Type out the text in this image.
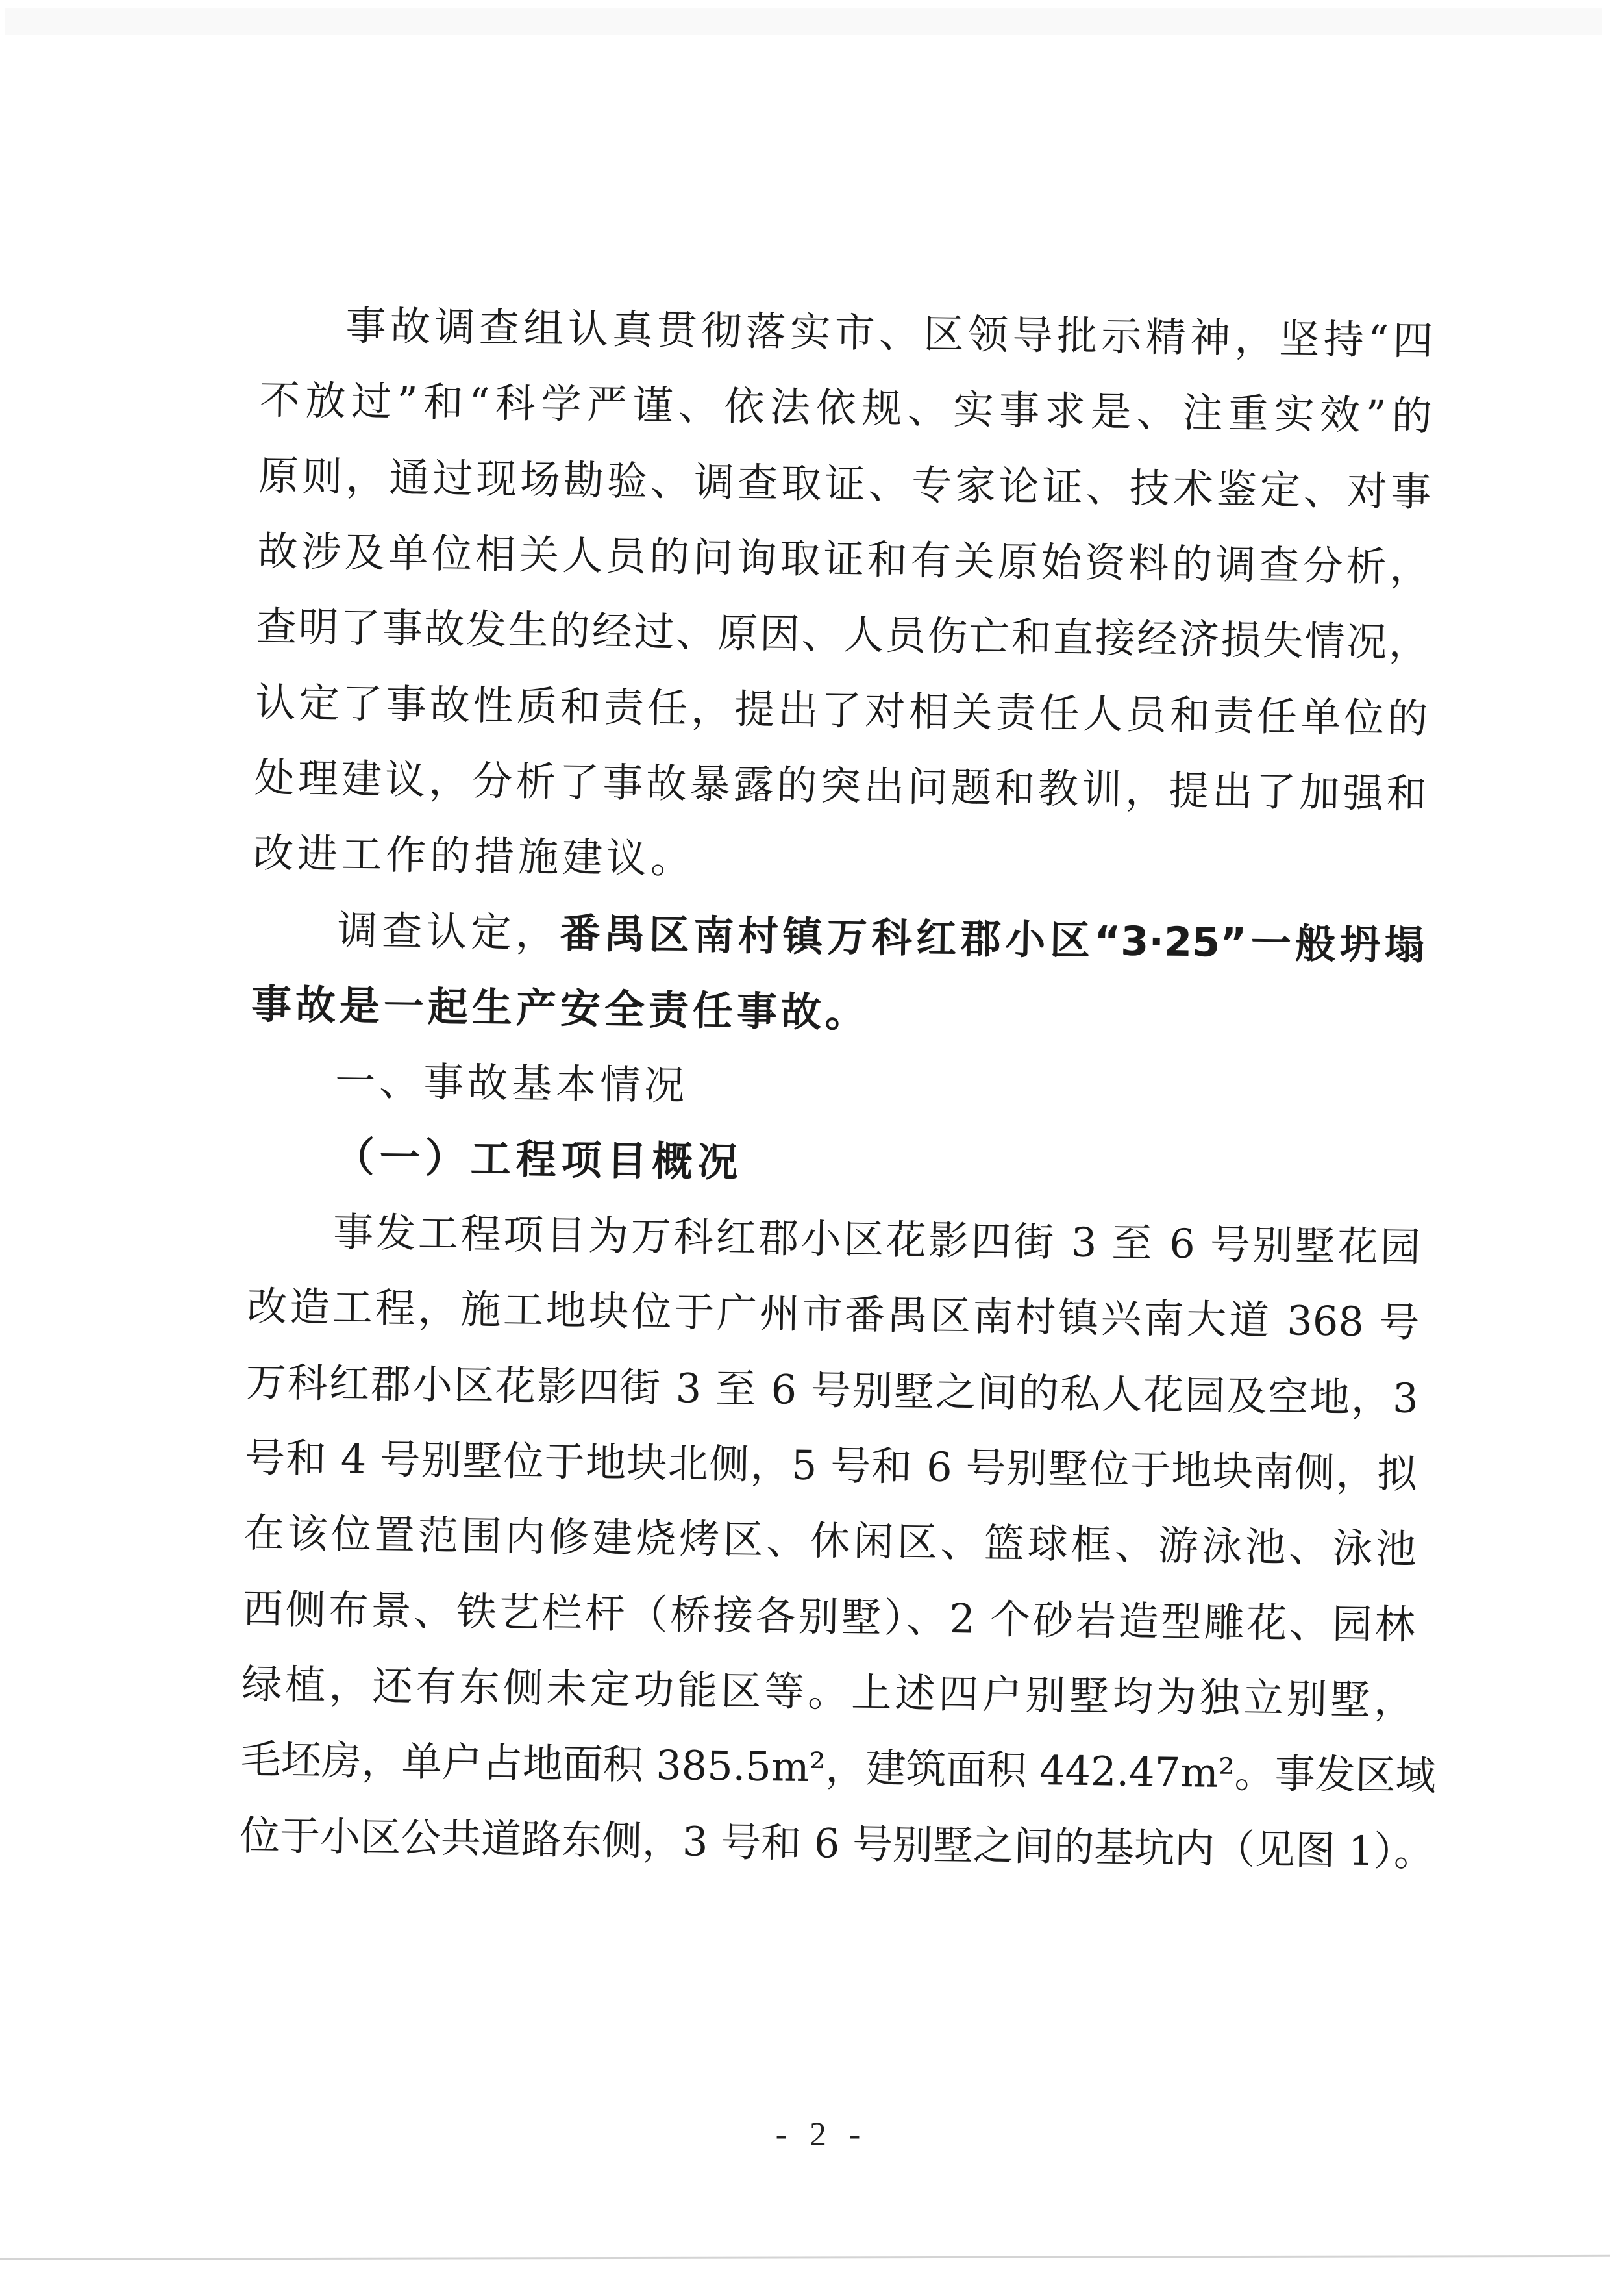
事故调查组认真贯彻落实市、区领导批示精神，坚持“四
不放过”和“科学严谨、依法依规、实事求是、注重实效”的
原则，通过现场勘验、调查取证、专家论证、技术鉴定、对事
故涉及单位相关人员的问询取证和有关原始资料的调查分析，
查明了事故发生的经过、原因、人员伤亡和直接经济损失情况，
认定了事故性质和责任，提出了对相关责任人员和责任单位的
处理建议，分析了事故暴露的突出问题和教训，提出了加强和
改进工作的措施建议。
调查认定，番禺区南村镇万科红郡小区“3·25”一般坍塌
事故是一起生产安全责任事故。
一、事故基本情况
（一）工程项目概况
事发工程项目为万科红郡小区花影四街 3 至 6 号别墅花园
改造工程，施工地块位于广州市番禺区南村镇兴南大道 368 号
万科红郡小区花影四街 3 至 6 号别墅之间的私人花园及空地，3
号和 4 号别墅位于地块北侧，5 号和 6 号别墅位于地块南侧，拟
在该位置范围内修建烧烤区、休闲区、篮球框、游泳池、泳池
西侧布景、铁艺栏杆（桥接各别墅）、2 个砂岩造型雕花、园林
绿植，还有东侧未定功能区等。上述四户别墅均为独立别墅，
毛坯房，单户占地面积 385.5m²，建筑面积 442.47m²。事发区域
位于小区公共道路东侧，3 号和 6 号别墅之间的基坑内（见图 1）。
- 2 -
